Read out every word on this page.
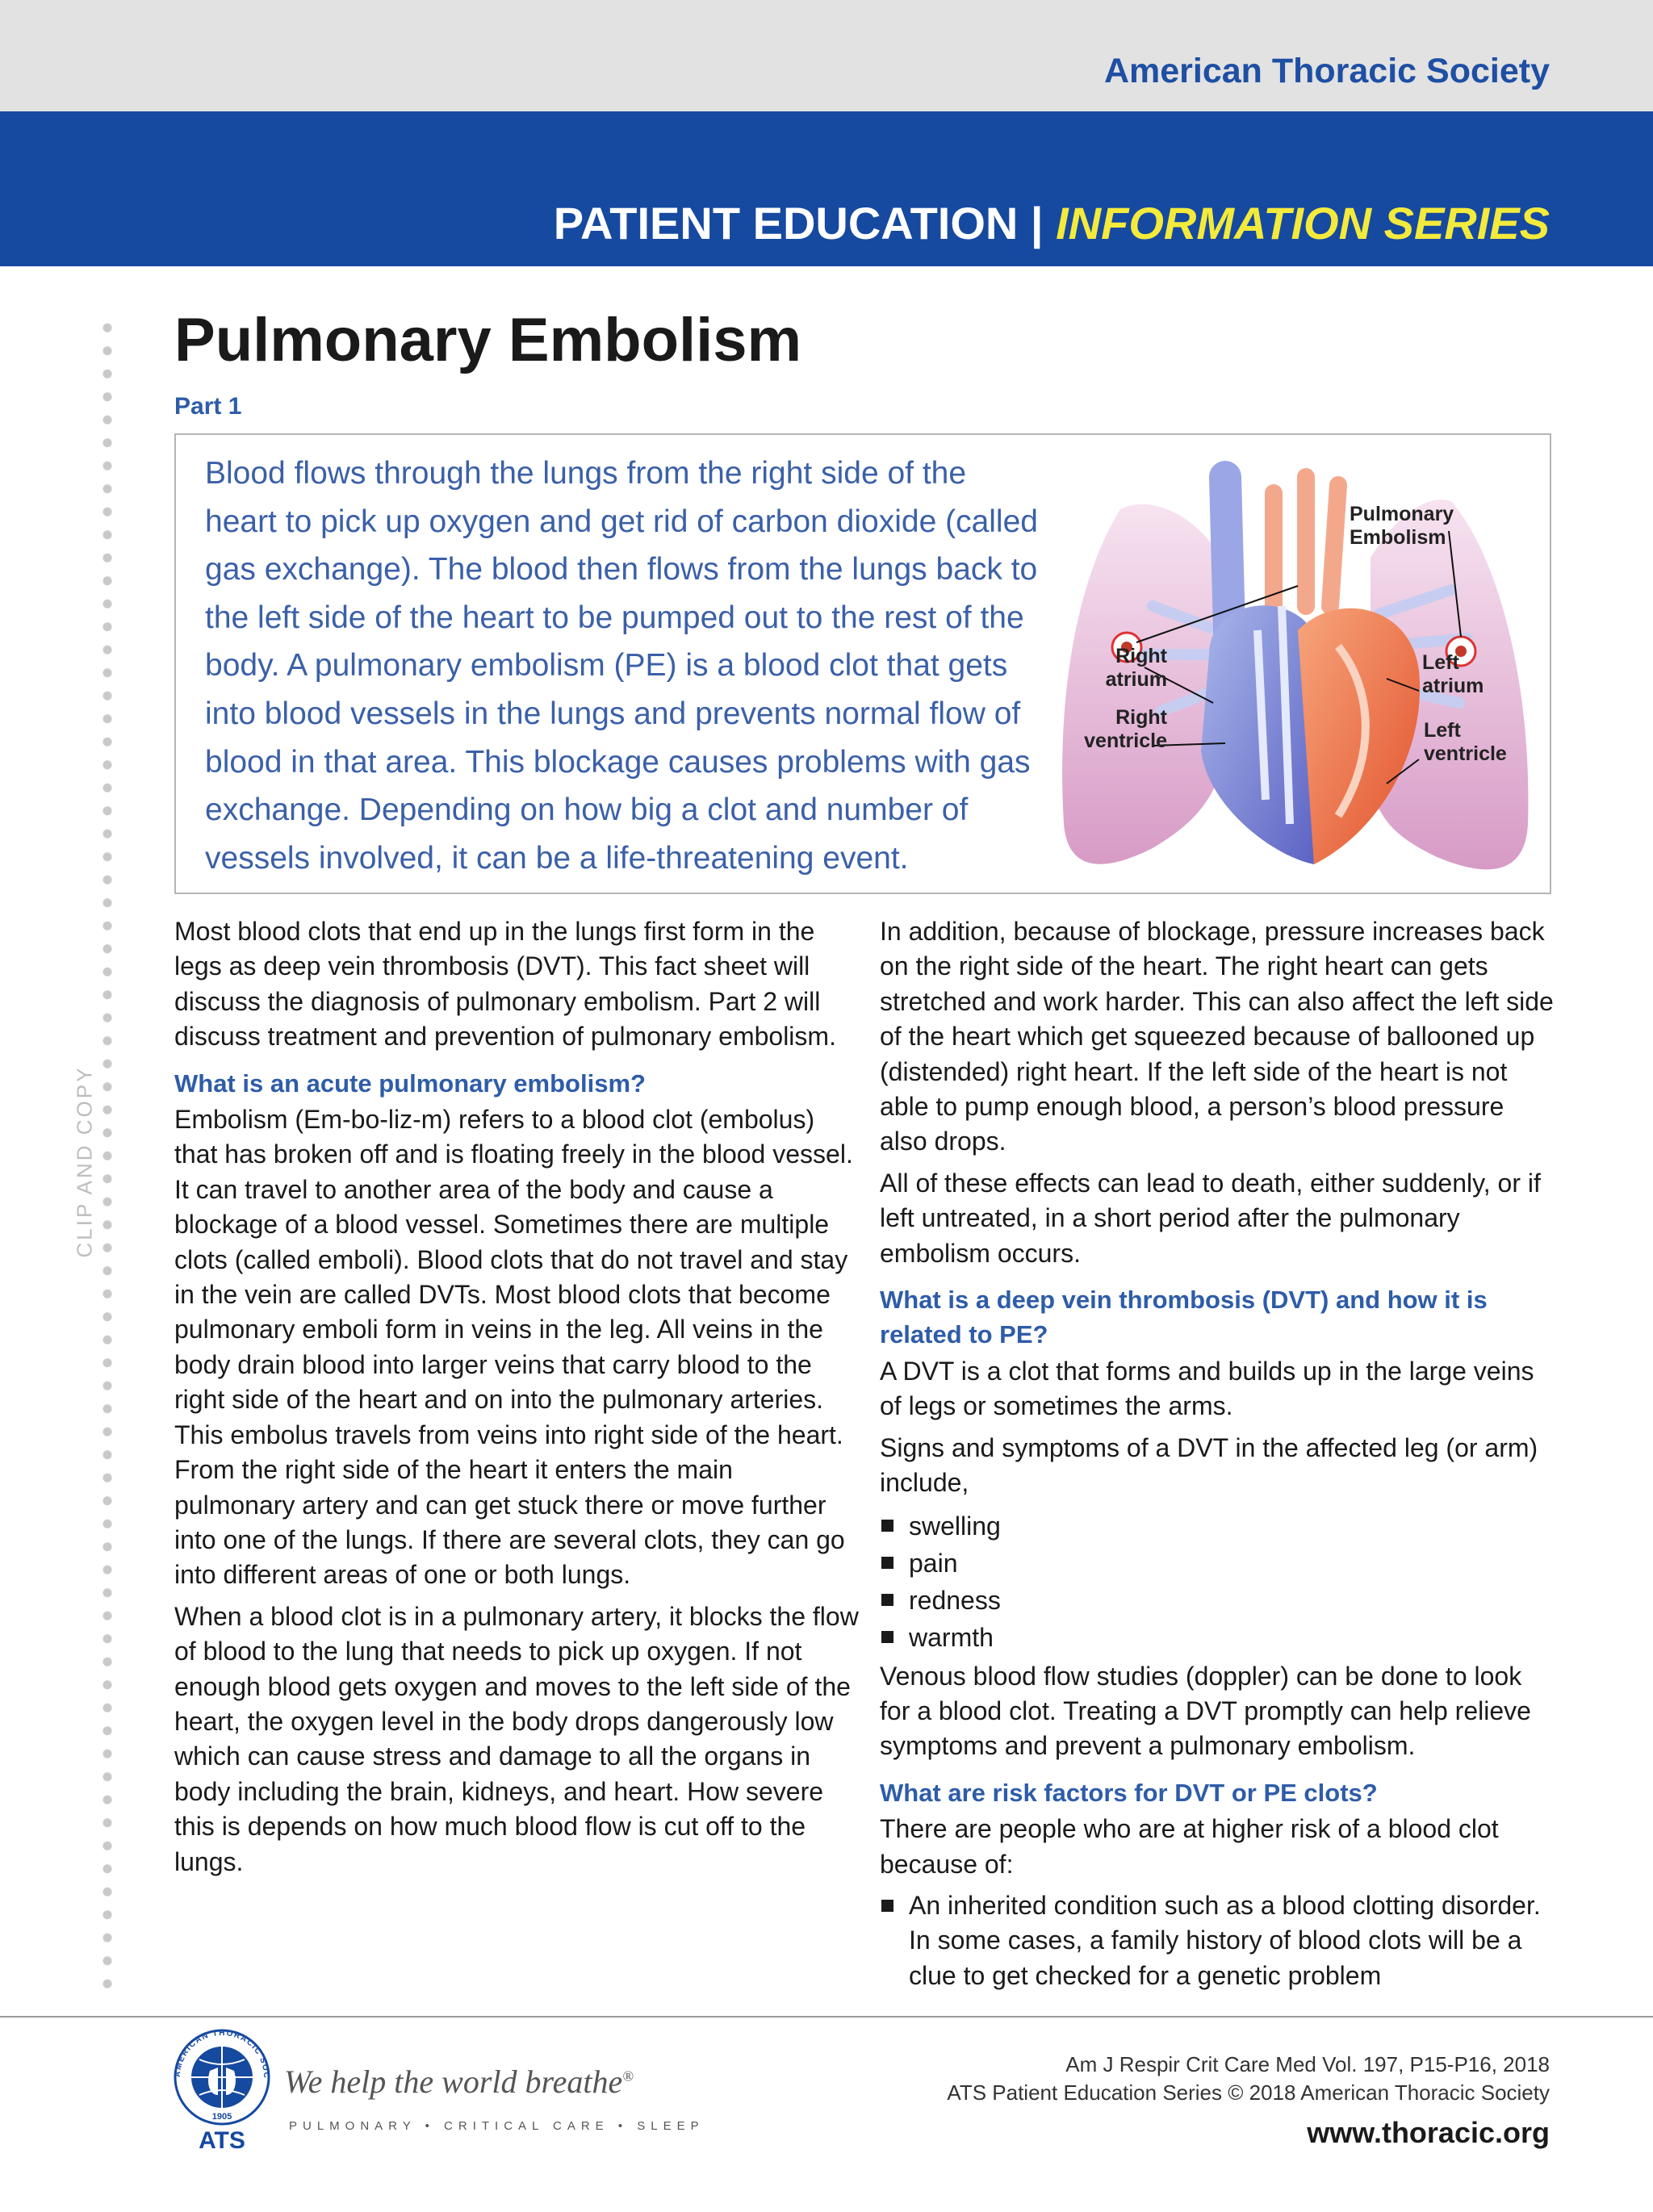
American Thoracic Society
PATIENT EDUCATION | INFORMATION SERIES
CLIP AND COPY
Pulmonary Embolism
Part 1
Blood flows through the lungs from the right side of the heart to pick up oxygen and get rid of carbon dioxide (called gas exchange). The blood then flows from the lungs back to the left side of the heart to be pumped out to the rest of the body. A pulmonary embolism (PE) is a blood clot that gets into blood vessels in the lungs and prevents normal flow of blood in that area. This blockage causes problems with gas exchange. Depending on how big a clot and number of vessels involved, it can be a life-threatening event.
Pulmonary Embolism
Right
atrium
Right
ventricle
Left
atrium
Left
ventricle

Most blood clots that end up in the lungs first form in the legs as deep vein thrombosis (DVT). This fact sheet will discuss the diagnosis of pulmonary embolism. Part 2 will discuss treatment and prevention of pulmonary embolism.

What is an acute pulmonary embolism?

Embolism (Em-bo-liz-m) refers to a blood clot (embolus) that has broken off and is floating freely in the blood vessel. It can travel to another area of the body and cause a blockage of a blood vessel. Sometimes there are multiple clots (called emboli). Blood clots that do not travel and stay in the vein are called DVTs. Most blood clots that become pulmonary emboli form in veins in the leg. All veins in the body drain blood into larger veins that carry blood to the right side of the heart and on into the pulmonary arteries. This embolus travels from veins into right side of the heart. From the right side of the heart it enters the main pulmonary artery and can get stuck there or move further into one of the lungs. If there are several clots, they can go into different areas of one or both lungs.

When a blood clot is in a pulmonary artery, it blocks the flow of blood to the lung that needs to pick up oxygen. If not enough blood gets oxygen and moves to the left side of the heart, the oxygen level in the body drops dangerously low which can cause stress and damage to all the organs in body including the brain, kidneys, and heart. How severe this is depends on how much blood flow is cut off to the lungs.

In addition, because of blockage, pressure increases back on the right side of the heart. The right heart can gets stretched and work harder. This can also affect the left side of the heart which get squeezed because of ballooned up (distended) right heart. If the left side of the heart is not able to pump enough blood, a person’s blood pressure also drops.

All of these effects can lead to death, either suddenly, or if left untreated, in a short period after the pulmonary embolism occurs.

What is a deep vein thrombosis (DVT) and how it is related to PE?

A DVT is a clot that forms and builds up in the large veins of legs or sometimes the arms.

Signs and symptoms of a DVT in the affected leg (or arm) include,

swelling
pain
redness
warmth

Venous blood flow studies (doppler) can be done to look for a blood clot. Treating a DVT promptly can help relieve symptoms and prevent a pulmonary embolism.

What are risk factors for DVT or PE clots?

There are people who are at higher risk of a blood clot because of:

An inherited condition such as a blood clotting disorder. In some cases, a family history of blood clots will be a clue to get checked for a genetic problem
AMERICAN THORACIC SOC
1905
ATS
We help the world breathe®
PULMONARY • CRITICAL CARE • SLEEP
Am J Respir Crit Care Med Vol. 197, P15-P16, 2018
ATS Patient Education Series © 2018 American Thoracic Society
www.thoracic.org
